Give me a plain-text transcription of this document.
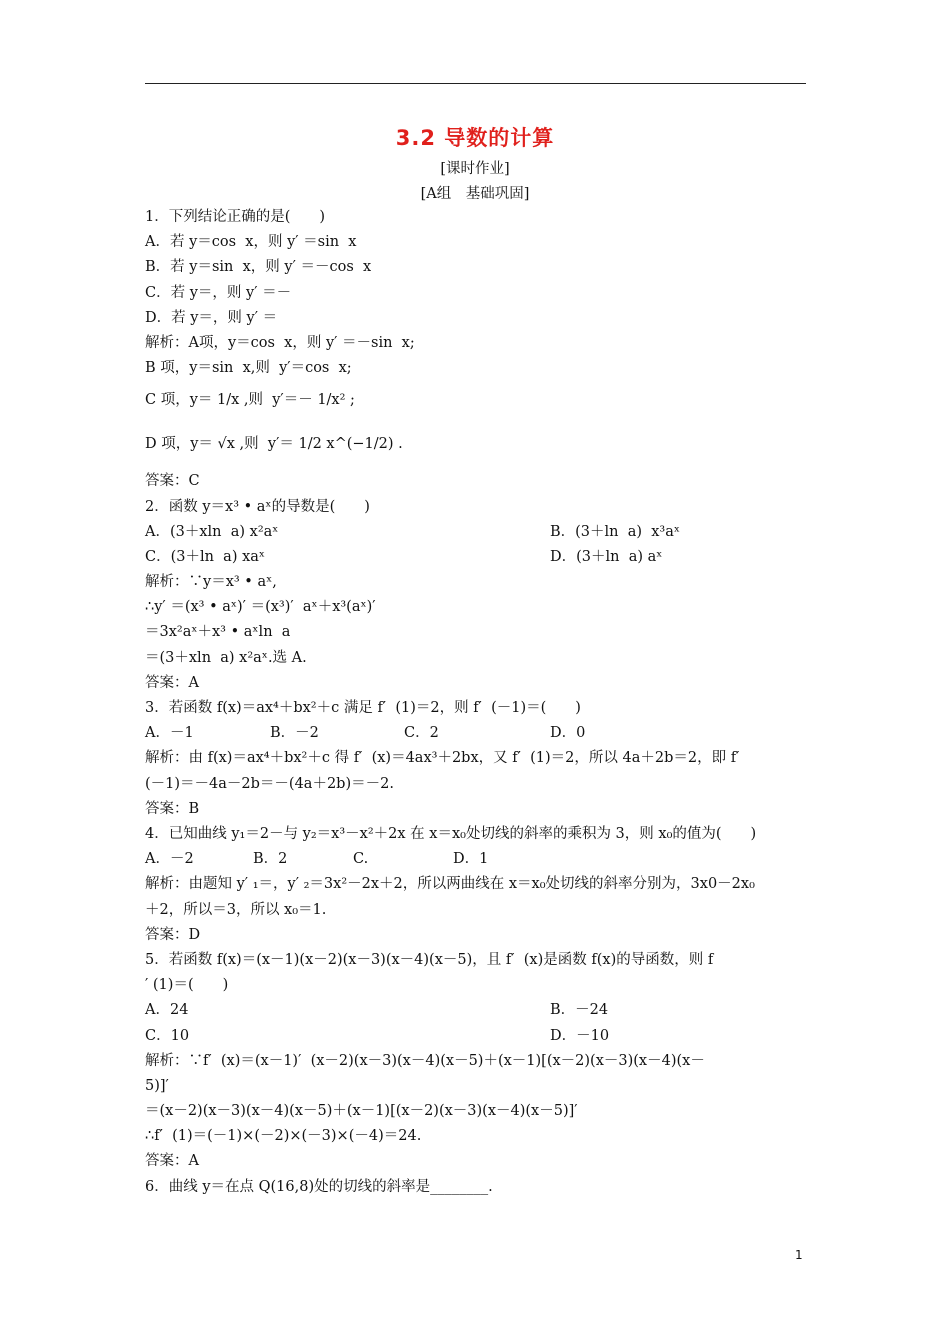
3.2 导数的计算
[课时作业]
[A组　基础巩固]
1．下列结论正确的是(　　)
A．若 y＝cos  x，则 y′ ＝sin  x
B．若 y＝sin  x，则 y′ ＝－cos  x
C．若 y＝，则 y′ ＝－
D．若 y＝，则 y′ ＝
解析：A项，y＝cos  x，则 y′ ＝－sin  x;
B 项，y＝sin  x,则  y′＝cos  x;
C 项，y＝ 1/x ,则  y′＝－ 1/x² ;
D 项，y＝ √x ,则  y′＝ 1/2 x^(−1/2) .
答案：C
2．函数 y＝x³ • aˣ的导数是(　　)
A．(3＋xln  a) x²aˣ	B．(3＋ln  a)  x³aˣ
C．(3＋ln  a) xaˣ	D．(3＋ln  a) aˣ
解析：∵y＝x³ • aˣ,
∴y′ ＝(x³ • aˣ)′ ＝(x³)′  aˣ＋x³(aˣ)′
＝3x²aˣ＋x³ • aˣln  a
＝(3＋xln  a) x²aˣ.选 A.
答案：A
3．若函数 f(x)＝ax⁴＋bx²＋c 满足 f′  (1)＝2，则 f′  (－1)＝(　　)
A．－1	B．－2	C．2	D．0
解析：由 f(x)＝ax⁴＋bx²＋c 得 f′  (x)＝4ax³＋2bx，又 f′  (1)＝2，所以 4a＋2b＝2，即 f′
(－1)＝－4a－2b＝－(4a＋2b)＝－2.
答案：B
4．已知曲线 y₁＝2－与 y₂＝x³－x²＋2x 在 x＝x₀处切线的斜率的乘积为 3，则 x₀的值为(　　)
A．－2	B．2	C.	D．1
解析：由题知 y′ ₁＝，y′ ₂＝3x²－2x＋2，所以两曲线在 x＝x₀处切线的斜率分别为，3x0－2x₀
＋2，所以＝3，所以 x₀＝1.
答案：D
5．若函数 f(x)＝(x－1)(x－2)(x－3)(x－4)(x－5)，且 f′  (x)是函数 f(x)的导函数，则 f
′ (1)＝(　　)
A．24	B．－24
C．10	D．－10
解析：∵f′  (x)＝(x－1)′  (x－2)(x－3)(x－4)(x－5)＋(x－1)[(x－2)(x－3)(x－4)(x－
5)]′
＝(x－2)(x－3)(x－4)(x－5)＋(x－1)[(x－2)(x－3)(x－4)(x－5)]′
∴f′  (1)＝(－1)×(－2)×(－3)×(－4)＝24.
答案：A
6．曲线 y＝在点 Q(16,8)处的切线的斜率是________.
1
